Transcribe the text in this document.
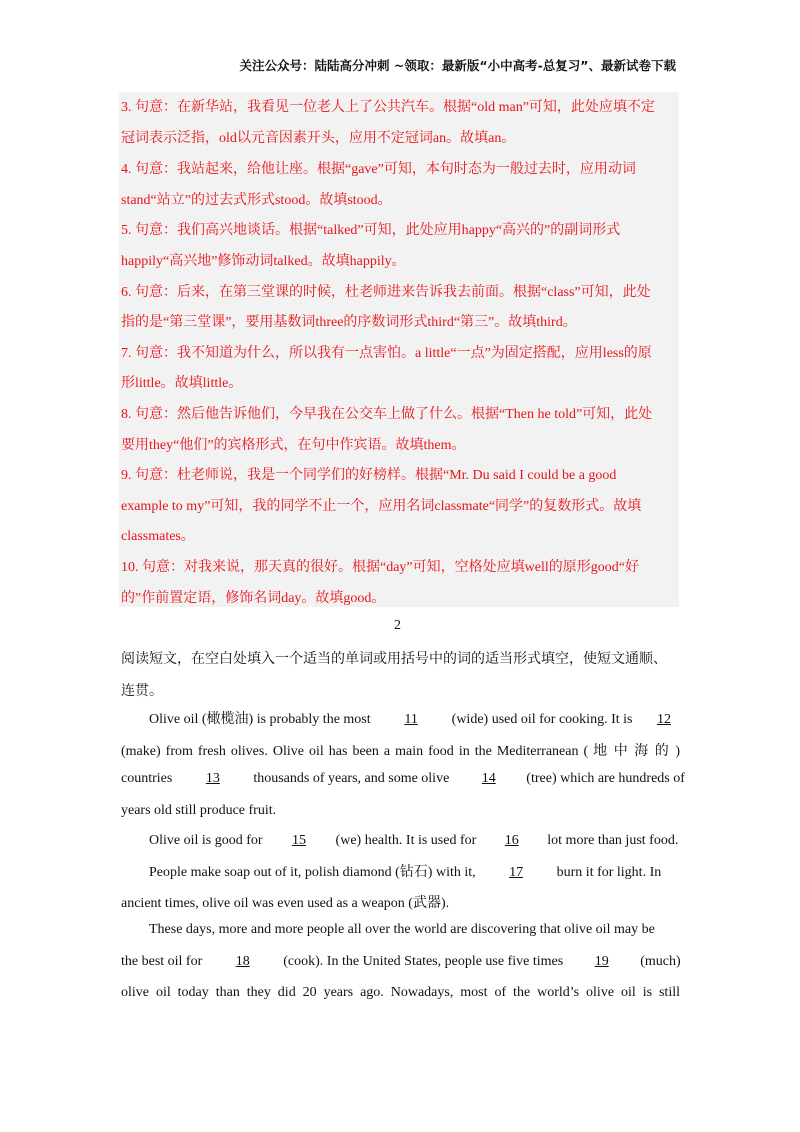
关注公众号：陆陆高分冲刺 ~领取：最新版“小中高考-总复习”、最新试卷下载
3. 句意：在新华站，我看见一位老人上了公共汽车。根据“old man”可知，此处应填不定
冠词表示泛指，old以元音因素开头，应用不定冠词an。故填an。
4. 句意：我站起来，给他让座。根据“gave”可知，本句时态为一般过去时，应用动词
stand“站立”的过去式形式stood。故填stood。
5. 句意：我们高兴地谈话。根据“talked”可知，此处应用happy“高兴的”的副词形式
happily“高兴地”修饰动词talked。故填happily。
6. 句意：后来，在第三堂课的时候，杜老师进来告诉我去前面。根据“class”可知，此处
指的是“第三堂课”，要用基数词three的序数词形式third“第三”。故填third。
7. 句意：我不知道为什么，所以我有一点害怕。a little“一点”为固定搭配，应用less的原
形little。故填little。
8. 句意：然后他告诉他们，今早我在公交车上做了什么。根据“Then he told”可知，此处
要用they“他们”的宾格形式，在句中作宾语。故填them。
9. 句意：杜老师说，我是一个同学们的好榜样。根据“Mr. Du said I could be a good
example to my”可知，我的同学不止一个，应用名词classmate“同学”的复数形式。故填
classmates。
10. 句意：对我来说，那天真的很好。根据“day”可知，空格处应填well的原形good“好
的”作前置定语，修饰名词day。故填good。
2
阅读短文，在空白处填入一个适当的单词或用括号中的词的适当形式填空，使短文通顺、
连贯。
Olive oil (橄榄油) is probably the most 11 (wide) used oil for cooking. It is 12
(make) from fresh olives. Olive oil has been a main food in the Mediterranean ( 地 中 海 的 )
countries 13 thousands of years, and some olive 14 (tree) which are hundreds of
years old still produce fruit.
Olive oil is good for 15 (we) health. It is used for 16 lot more than just food.
People make soap out of it, polish diamond (钻石) with it, 17 burn it for light. In
ancient times, olive oil was even used as a weapon (武器).
These days, more and more people all over the world are discovering that olive oil may be
the best oil for 18 (cook). In the United States, people use five times 19 (much)
olive oil today than they did 20 years ago. Nowadays, most of the world’s olive oil is still
